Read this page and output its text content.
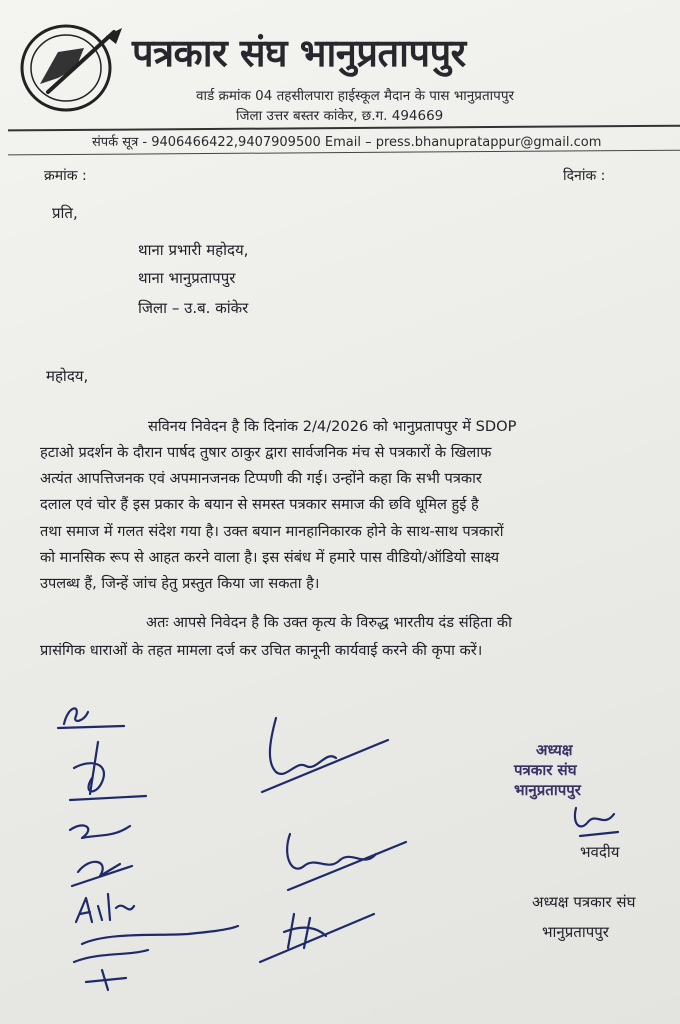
पत्रकार संघ भानुप्रतापपुर
वार्ड क्रमांक 04 तहसीलपारा हाईस्कूल मैदान के पास भानुप्रतापपुर
जिला उत्तर बस्तर कांकेर, छ.ग. 494669
संपर्क सूत्र - 9406466422,9407909500 Email – press.bhanupratappur@gmail.com
क्रमांक :	दिनांक :
प्रति,
थाना प्रभारी महोदय,
थाना भानुप्रतापपुर
जिला – उ.ब. कांकेर
महोदय,
सविनय निवेदन है कि दिनांक 2/4/2026 को भानुप्रतापपुर में SDOP
हटाओ प्रदर्शन के दौरान पार्षद तुषार ठाकुर द्वारा सार्वजनिक मंच से पत्रकारों के खिलाफ
अत्यंत आपत्तिजनक एवं अपमानजनक टिप्पणी की गई। उन्होंने कहा कि सभी पत्रकार
दलाल एवं चोर हैं इस प्रकार के बयान से समस्त पत्रकार समाज की छवि धूमिल हुई है
तथा समाज में गलत संदेश गया है। उक्त बयान मानहानिकारक होने के साथ-साथ पत्रकारों
को मानसिक रूप से आहत करने वाला है। इस संबंध में हमारे पास वीडियो/ऑडियो साक्ष्य
उपलब्ध हैं, जिन्हें जांच हेतु प्रस्तुत किया जा सकता है।
अतः आपसे निवेदन है कि उक्त कृत्य के विरुद्ध भारतीय दंड संहिता की
प्रासंगिक धाराओं के तहत मामला दर्ज कर उचित कानूनी कार्यवाई करने की कृपा करें।
अध्यक्ष
पत्रकार संघ
भानुप्रतापपुर
भवदीय
अध्यक्ष पत्रकार संघ
भानुप्रतापपुर
